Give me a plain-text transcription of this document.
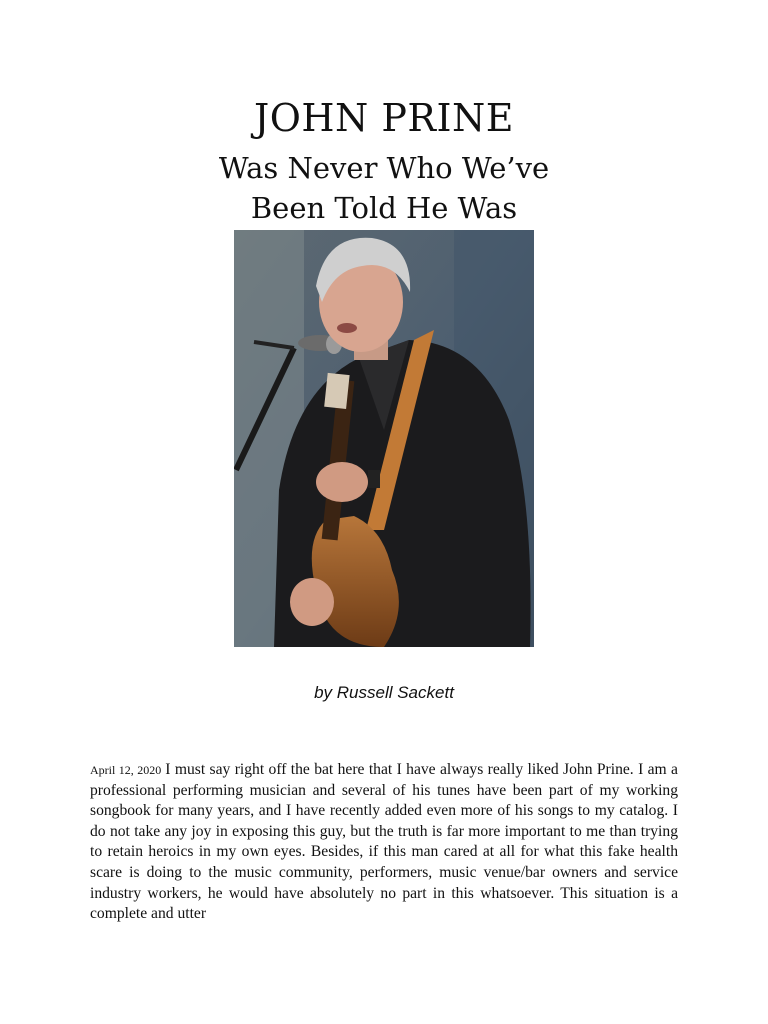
JOHN PRINE
Was Never Who We’ve
Been Told He Was
by Russell Sackett

April 12, 2020 I must say right off the bat here that I have always really liked John Prine. I am a professional performing musician and several of his tunes have been part of my working songbook for many years, and I have recently added even more of his songs to my catalog. I do not take any joy in exposing this guy, but the truth is far more important to me than trying to retain heroics in my own eyes. Besides, if this man cared at all for what this fake health scare is doing to the music community, performers, music venue/bar owners and service industry workers, he would have absolutely no part in this whatsoever. This situation is a complete and utter
